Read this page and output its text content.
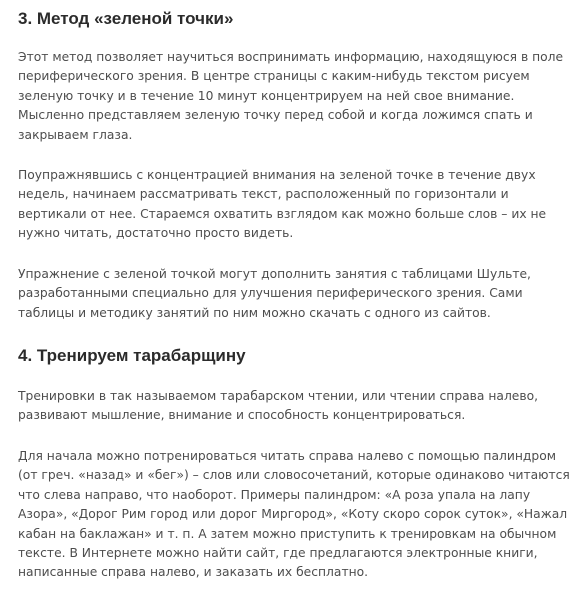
3. Метод «зеленой точки»

Этот метод позволяет научиться воспринимать информацию, находящуюся в поле
периферического зрения. В центре страницы с каким-нибудь текстом рисуем
зеленую точку и в течение 10 минут концентрируем на ней свое внимание.
Мысленно представляем зеленую точку перед собой и когда ложимся спать и
закрываем глаза.

Поупражнявшись с концентрацией внимания на зеленой точке в течение двух
недель, начинаем рассматривать текст, расположенный по горизонтали и
вертикали от нее. Стараемся охватить взглядом как можно больше слов – их не
нужно читать, достаточно просто видеть.

Упражнение с зеленой точкой могут дополнить занятия с таблицами Шульте,
разработанными специально для улучшения периферического зрения. Сами
таблицы и методику занятий по ним можно скачать с одного из сайтов.

4. Тренируем тарабарщину

Тренировки в так называемом тарабарском чтении, или чтении справа налево,
развивают мышление, внимание и способность концентрироваться.

Для начала можно потренироваться читать справа налево с помощью палиндром
(от греч. «назад» и «бег») – слов или словосочетаний, которые одинаково читаются
что слева направо, что наоборот. Примеры палиндром: «А роза упала на лапу
Азора», «Дорог Рим город или дорог Миргород», «Коту скоро сорок суток», «Нажал
кабан на баклажан» и т. п. А затем можно приступить к тренировкам на обычном
тексте. В Интернете можно найти сайт, где предлагаются электронные книги,
написанные справа налево, и заказать их бесплатно.
